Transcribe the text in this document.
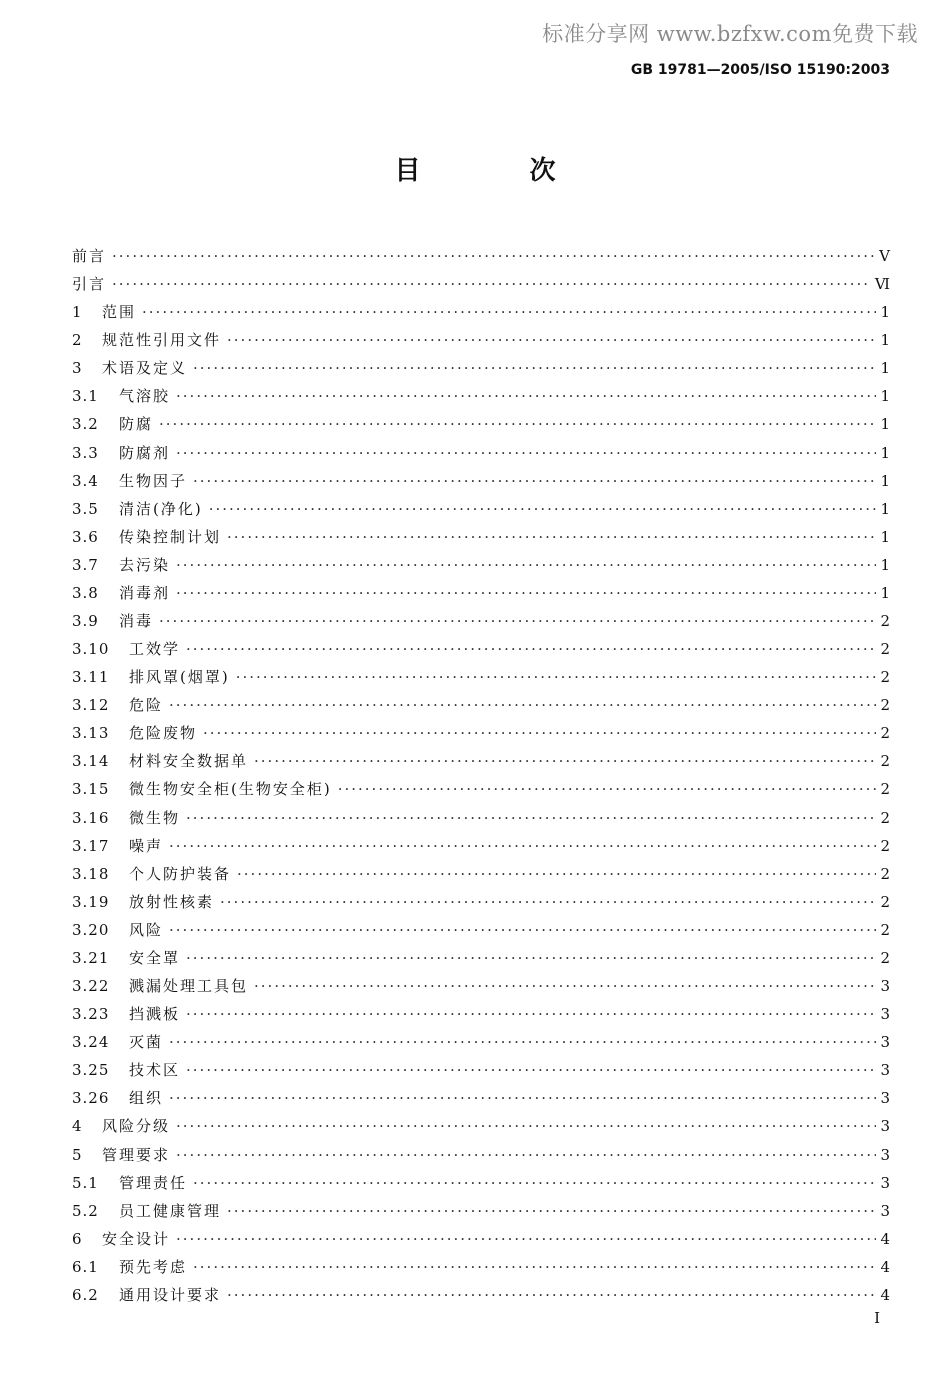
标准分享网 www.bzfxw.com免费下载
GB 19781—2005/ISO 15190:2003
目 次
前言 ·····	Ⅴ
引言 ·····	Ⅵ
1	范围 ·····	1
2	规范性引用文件 ·····	1
3	术语及定义 ·····	1
3.1	气溶胶 ·····	1
3.2	防腐 ·····	1
3.3	防腐剂 ·····	1
3.4	生物因子 ·····	1
3.5	清洁(净化) ·····	1
3.6	传染控制计划 ·····	1
3.7	去污染 ·····	1
3.8	消毒剂 ·····	1
3.9	消毒 ·····	2
3.10	工效学 ·····	2
3.11	排风罩(烟罩) ·····	2
3.12	危险 ·····	2
3.13	危险废物 ·····	2
3.14	材料安全数据单 ·····	2
3.15	微生物安全柜(生物安全柜) ·····	2
3.16	微生物 ·····	2
3.17	噪声 ·····	2
3.18	个人防护装备 ·····	2
3.19	放射性核素 ·····	2
3.20	风险 ·····	2
3.21	安全罩 ·····	2
3.22	溅漏处理工具包 ·····	3
3.23	挡溅板 ·····	3
3.24	灭菌 ·····	3
3.25	技术区 ·····	3
3.26	组织 ·····	3
4	风险分级 ·····	3
5	管理要求 ·····	3
5.1	管理责任 ·····	3
5.2	员工健康管理 ·····	3
6	安全设计 ·····	4
6.1	预先考虑 ·····	4
6.2	通用设计要求 ·····	4
Ⅰ
